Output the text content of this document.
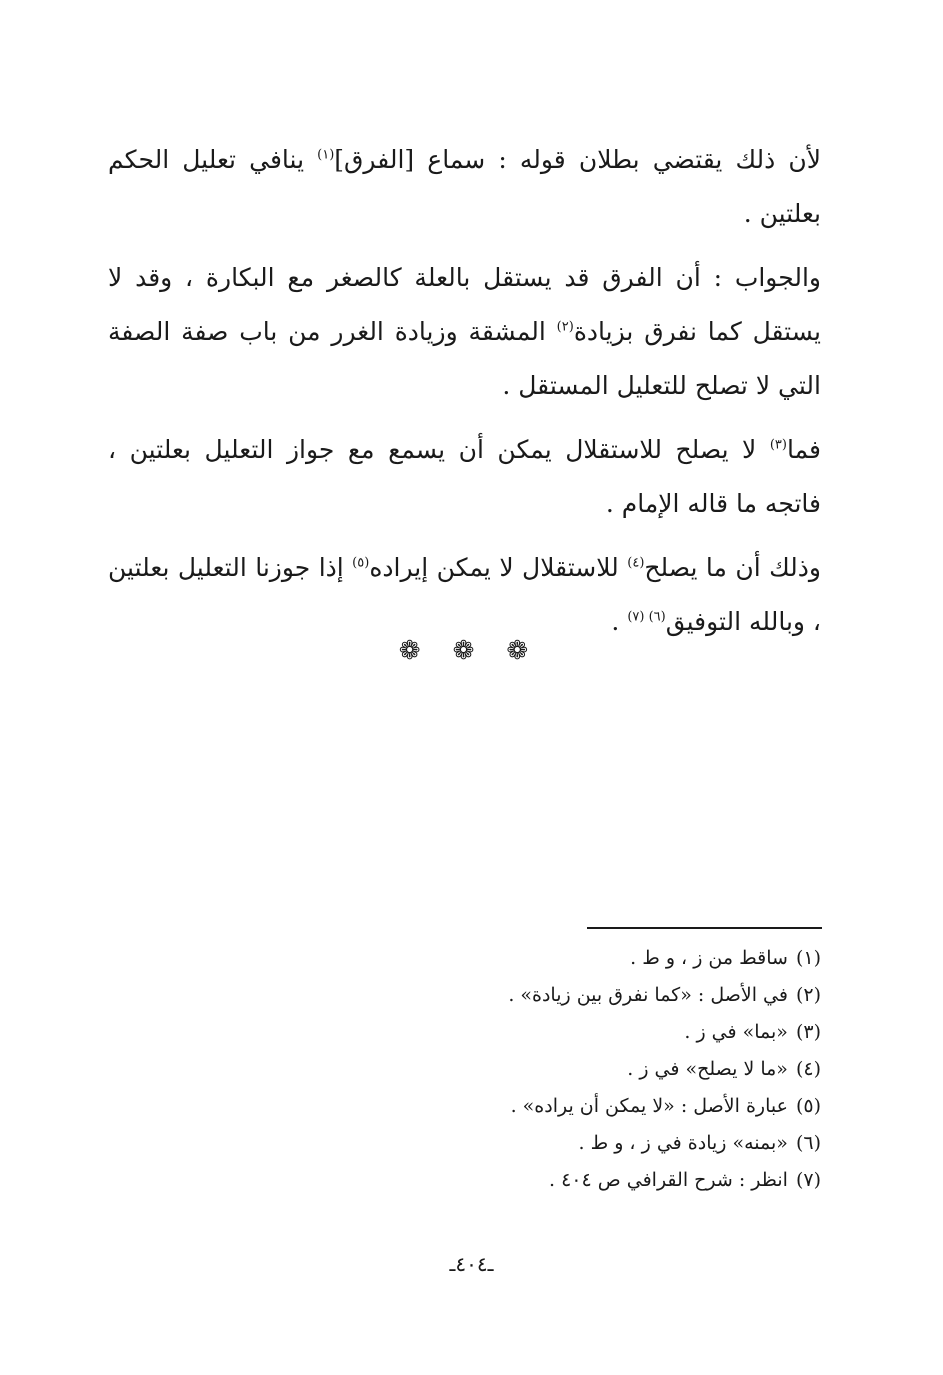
لأن ذلك يقتضي بطلان قوله : سماع [الفرق]$^{(١)}$ ينافي تعليل الحكم بعلتين .

والجواب : أن الفرق قد يستقل بالعلة كالصغر مع البكارة ، وقد لا يستقل كما نفرق بزيادة$^{(٢)}$ المشقة وزيادة الغرر من باب صفة الصفة التي لا تصلح للتعليل المستقل .

فما$^{(٣)}$ لا يصلح للاستقلال يمكن أن يسمع مع جواز التعليل بعلتين ، فاتجه ما قاله الإمام .

وذلك أن ما يصلح$^{(٤)}$ للاستقلال لا يمكن إيراده$^{(٥)}$ إذا جوزنا التعليل بعلتين ، وبالله التوفيق$^{(٦) (٧)}$ .

❁ ❁ ❁
(١)ساقط من ز ، و ط .
(٢)في الأصل : «كما نفرق بين زيادة» .
(٣)«بما» في ز .
(٤)«ما لا يصلح» في ز .
(٥)عبارة الأصل : «لا يمكن أن يراده» .
(٦)«بمنه» زيادة في ز ، و ط .
(٧)انظر : شرح القرافي ص ٤٠٤ .
ـ٤٠٤ـ
